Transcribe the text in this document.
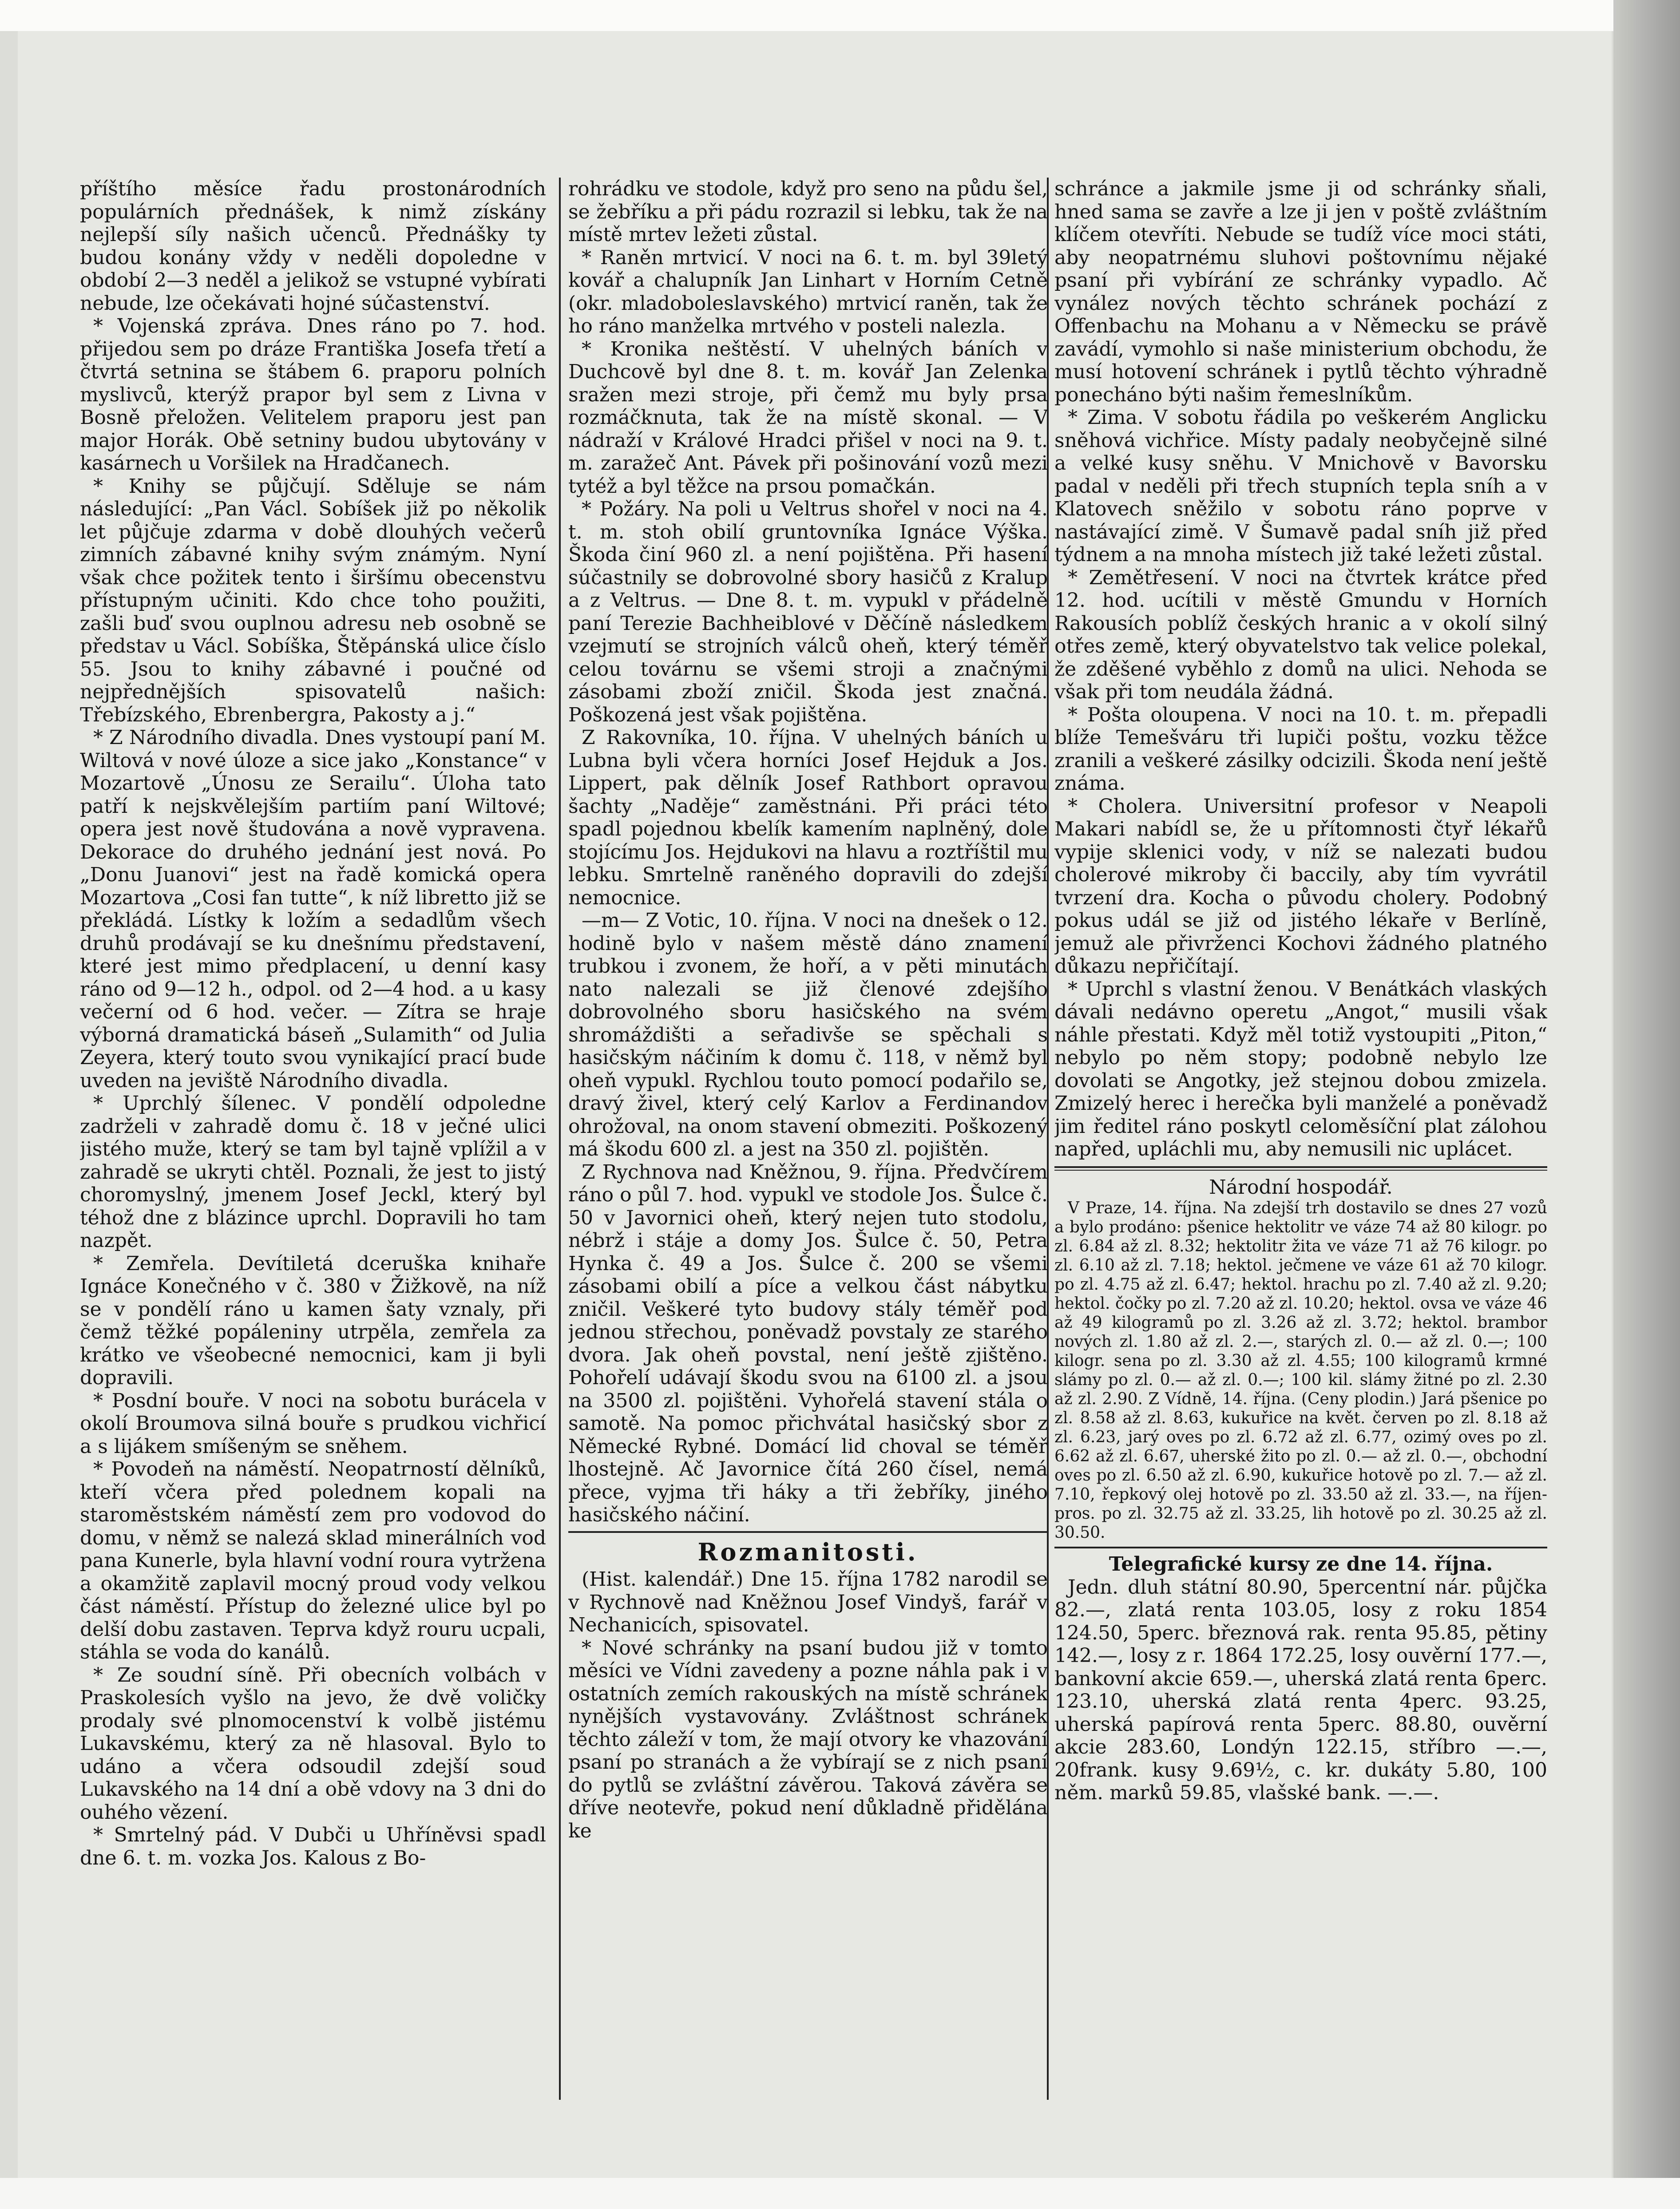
příštího měsíce řadu prostonárodních populárních přednášek, k nimž získány nejlepší síly našich učenců. Přednášky ty budou konány vždy v neděli dopoledne v období 2—3 neděl a jelikož se vstupné vybírati nebude, lze očekávati hojné súčastenství.

* Vojenská zpráva. Dnes ráno po 7. hod. přijedou sem po dráze Františka Josefa třetí a čtvrtá setnina se štábem 6. praporu polních myslivců, kterýž prapor byl sem z Livna v Bosně přeložen. Velitelem praporu jest pan major Horák. Obě setniny budou ubytovány v kasárnech u Voršilek na Hradčanech.

* Knihy se půjčují. Sděluje se nám následující: „Pan Václ. Sobíšek již po několik let půjčuje zdarma v době dlouhých večerů zimních zábavné knihy svým známým. Nyní však chce požitek tento i širšímu obecenstvu přístupným učiniti. Kdo chce toho použiti, zašli buď svou ouplnou adresu neb osobně se představ u Václ. Sobíška, Štěpánská ulice číslo 55. Jsou to knihy zábavné i poučné od nejpřednějších spisovatelů našich: Třebízského, Ebrenbergra, Pakosty a j.“

* Z Národního divadla. Dnes vystoupí paní M. Wiltová v nové úloze a sice jako „Konstance“ v Mozartově „Únosu ze Serailu“. Úloha tato patří k nejskvělejším partiím paní Wiltové; opera jest nově študována a nově vypravena. Dekorace do druhého jednání jest nová. Po „Donu Juanovi“ jest na řadě komická opera Mozartova „Cosi fan tutte“, k níž libretto již se překládá. Lístky k ložím a sedadlům všech druhů prodávají se ku dnešnímu představení, které jest mimo předplacení, u denní kasy ráno od 9—12 h., odpol. od 2—4 hod. a u kasy večerní od 6 hod. večer. — Zítra se hraje výborná dramatická báseň „Sulamith“ od Julia Zeyera, který touto svou vynikající prací bude uveden na jeviště Národního divadla.

* Uprchlý šílenec. V pondělí odpoledne zadrželi v zahradě domu č. 18 v ječné ulici jistého muže, který se tam byl tajně vplížil a v zahradě se ukryti chtěl. Poznali, že jest to jistý choromyslný, jmenem Josef Jeckl, který byl téhož dne z blázince uprchl. Dopravili ho tam nazpět.

* Zemřela. Devítiletá dceruška knihaře Ignáce Konečného v č. 380 v Žižkově, na níž se v pondělí ráno u kamen šaty vznaly, při čemž těžké popáleniny utrpěla, zemřela za krátko ve všeobecné nemocnici, kam ji byli dopravili.

* Posdní bouře. V noci na sobotu burácela v okolí Broumova silná bouře s prudkou vichřicí a s lijákem smíšeným se sněhem.

* Povodeň na náměstí. Neopatrností dělníků, kteří včera před polednem kopali na staroměstském náměstí zem pro vodovod do domu, v němž se nalezá sklad minerálních vod pana Kunerle, byla hlavní vodní roura vytržena a okamžitě zaplavil mocný proud vody velkou část náměstí. Přístup do železné ulice byl po delší dobu zastaven. Teprva když rouru ucpali, stáhla se voda do kanálů.

* Ze soudní síně. Při obecních volbách v Praskolesích vyšlo na jevo, že dvě voličky prodaly své plnomocenství k volbě jistému Lukavskému, který za ně hlasoval. Bylo to udáno a včera odsoudil zdejší soud Lukavského na 14 dní a obě vdovy na 3 dni do ouhého vězení.

* Smrtelný pád. V Dubči u Uhříněvsi spadl dne 6. t. m. vozka Jos. Kalous z Bo-

rohrádku ve stodole, když pro seno na půdu šel, se žebříku a při pádu rozrazil si lebku, tak že na místě mrtev ležeti zůstal.

* Raněn mrtvicí. V noci na 6. t. m. byl 39letý kovář a chalupník Jan Linhart v Horním Cetně (okr. mladoboleslavského) mrtvicí raněn, tak že ho ráno manželka mrtvého v posteli nalezla.

* Kronika neštěstí. V uhelných báních v Duchcově byl dne 8. t. m. kovář Jan Zelenka sražen mezi stroje, při čemž mu byly prsa rozmáčknuta, tak že na místě skonal. — V nádraží v Králové Hradci přišel v noci na 9. t. m. zaražeč Ant. Pávek při pošinování vozů mezi tytéž a byl těžce na prsou pomačkán.

* Požáry. Na poli u Veltrus shořel v noci na 4. t. m. stoh obilí gruntovníka Ignáce Výška. Škoda činí 960 zl. a není pojištěna. Při hasení súčastnily se dobrovolné sbory hasičů z Kralup a z Veltrus. — Dne 8. t. m. vypukl v přádelně paní Terezie Bachheiblové v Děčíně následkem vzejmutí se strojních válců oheň, který téměř celou továrnu se všemi stroji a značnými zásobami zboží zničil. Škoda jest značná. Poškozená jest však pojištěna.

Z Rakovníka, 10. října. V uhelných báních u Lubna byli včera horníci Josef Hejduk a Jos. Lippert, pak dělník Josef Rathbort opravou šachty „Naděje“ zaměstnáni. Při práci této spadl pojednou kbelík kamením naplněný, dole stojícímu Jos. Hejdukovi na hlavu a roztříštil mu lebku. Smrtelně raněného dopravili do zdejší nemocnice.

—m— Z Votic, 10. října. V noci na dnešek o 12. hodině bylo v našem městě dáno znamení trubkou i zvonem, že hoří, a v pěti minutách nato nalezali se již členové zdejšího dobrovolného sboru hasičského na svém shromáždišti a seřadivše se spěchali s hasičským náčiním k domu č. 118, v němž byl oheň vypukl. Rychlou touto pomocí podařilo se, dravý živel, který celý Karlov a Ferdinandov ohrožoval, na onom stavení obmeziti. Poškozený má škodu 600 zl. a jest na 350 zl. pojištěn.

Z Rychnova nad Kněžnou, 9. října. Předvčírem ráno o půl 7. hod. vypukl ve stodole Jos. Šulce č. 50 v Javornici oheň, který nejen tuto stodolu, nébrž i stáje a domy Jos. Šulce č. 50, Petra Hynka č. 49 a Jos. Šulce č. 200 se všemi zásobami obilí a píce a velkou část nábytku zničil. Veškeré tyto budovy stály téměř pod jednou střechou, poněvadž povstaly ze starého dvora. Jak oheň povstal, není ještě zjištěno. Pohořelí udávají škodu svou na 6100 zl. a jsou na 3500 zl. pojištěni. Vyhořelá stavení stála o samotě. Na pomoc přichvátal hasičský sbor z Německé Rybné. Domácí lid choval se téměř lhostejně. Ač Javornice čítá 260 čísel, nemá přece, vyjma tři háky a tři žebříky, jiného hasičského náčiní.

Rozmanitosti.

(Hist. kalendář.) Dne 15. října 1782 narodil se v Rychnově nad Kněžnou Josef Vindyš, farář v Nechanicích, spisovatel.

* Nové schránky na psaní budou již v tomto měsíci ve Vídni zavedeny a pozne náhla pak i v ostatních zemích rakouských na místě schránek nynějších vystavovány. Zvláštnost schránek těchto záleží v tom, že mají otvory ke vhazování psaní po stranách a že vybírají se z nich psaní do pytlů se zvláštní závěrou. Taková závěra se dříve neotevře, pokud není důkladně přidělána ke

schránce a jakmile jsme ji od schránky sňali, hned sama se zavře a lze ji jen v poště zvláštním klíčem otevříti. Nebude se tudíž více moci státi, aby neopatrnému sluhovi poštovnímu nějaké psaní při vybírání ze schránky vypadlo. Ač vynález nových těchto schránek pochází z Offenbachu na Mohanu a v Německu se právě zavádí, vymohlo si naše ministerium obchodu, že musí hotovení schránek i pytlů těchto výhradně ponecháno býti našim řemeslníkům.

* Zima. V sobotu řádila po veškerém Anglicku sněhová vichřice. Místy padaly neobyčejně silné a velké kusy sněhu. V Mnichově v Bavorsku padal v neděli při třech stupních tepla sníh a v Klatovech sněžilo v sobotu ráno poprve v nastávající zimě. V Šumavě padal sníh již před týdnem a na mnoha místech již také ležeti zůstal.

* Zemětřesení. V noci na čtvrtek krátce před 12. hod. ucítili v městě Gmundu v Horních Rakousích poblíž českých hranic a v okolí silný otřes země, který obyvatelstvo tak velice polekal, že zděšené vyběhlo z domů na ulici. Nehoda se však při tom neudála žádná.

* Pošta oloupena. V noci na 10. t. m. přepadli blíže Temešváru tři lupiči poštu, vozku těžce zranili a veškeré zásilky odcizili. Škoda není ještě známa.

* Cholera. Universitní profesor v Neapoli Makari nabídl se, že u přítomnosti čtyř lékařů vypije sklenici vody, v níž se nalezati budou cholerové mikroby či baccily, aby tím vyvrátil tvrzení dra. Kocha o původu cholery. Podobný pokus udál se již od jistého lékaře v Berlíně, jemuž ale přivrženci Kochovi žádného platného důkazu nepřičítají.

* Uprchl s vlastní ženou. V Benátkách vlaských dávali nedávno operetu „Angot,“ musili však náhle přestati. Když měl totiž vystoupiti „Piton,“ nebylo po něm stopy; podobně nebylo lze dovolati se Angotky, jež stejnou dobou zmizela. Zmizelý herec i herečka byli manželé a poněvadž jim ředitel ráno poskytl celoměsíční plat zálohou napřed, upláchli mu, aby nemusili nic uplácet.

Národní hospodář.

V Praze, 14. října. Na zdejší trh dostavilo se dnes 27 vozů a bylo prodáno: pšenice hektolitr ve váze 74 až 80 kilogr. po zl. 6.84 až zl. 8.32; hektolitr žita ve váze 71 až 76 kilogr. po zl. 6.10 až zl. 7.18; hektol. ječmene ve váze 61 až 70 kilogr. po zl. 4.75 až zl. 6.47; hektol. hrachu po zl. 7.40 až zl. 9.20; hektol. čočky po zl. 7.20 až zl. 10.20; hektol. ovsa ve váze 46 až 49 kilogramů po zl. 3.26 až zl. 3.72; hektol. brambor nových zl. 1.80 až zl. 2.—, starých zl. 0.— až zl. 0.—; 100 kilogr. sena po zl. 3.30 až zl. 4.55; 100 kilogramů krmné slámy po zl. 0.— až zl. 0.—; 100 kil. slámy žitné po zl. 2.30 až zl. 2.90. Z Vídně, 14. října. (Ceny plodin.) Jará pšenice po zl. 8.58 až zl. 8.63, kukuřice na květ. červen po zl. 8.18 až zl. 6.23, jarý oves po zl. 6.72 až zl. 6.77, ozimý oves po zl. 6.62 až zl. 6.67, uherské žito po zl. 0.— až zl. 0.—, obchodní oves po zl. 6.50 až zl. 6.90, kukuřice hotově po zl. 7.— až zl. 7.10, řepkový olej hotově po zl. 33.50 až zl. 33.—, na říjen-pros. po zl. 32.75 až zl. 33.25, lih hotově po zl. 30.25 až zl. 30.50.

Telegrafické kursy ze dne 14. října.

Jedn. dluh státní 80.90, 5percentní nár. půjčka 82.—, zlatá renta 103.05, losy z roku 1854 124.50, 5perc. březnová rak. renta 95.85, pětiny 142.—, losy z r. 1864 172.25, losy ouvěrní 177.—, bankovní akcie 659.—, uherská zlatá renta 6perc. 123.10, uherská zlatá renta 4perc. 93.25, uherská papírová renta 5perc. 88.80, ouvěrní akcie 283.60, Londýn 122.15, stříbro —.—, 20frank. kusy 9.69½, c. kr. dukáty 5.80, 100 něm. marků 59.85, vlašské bank. —.—.
